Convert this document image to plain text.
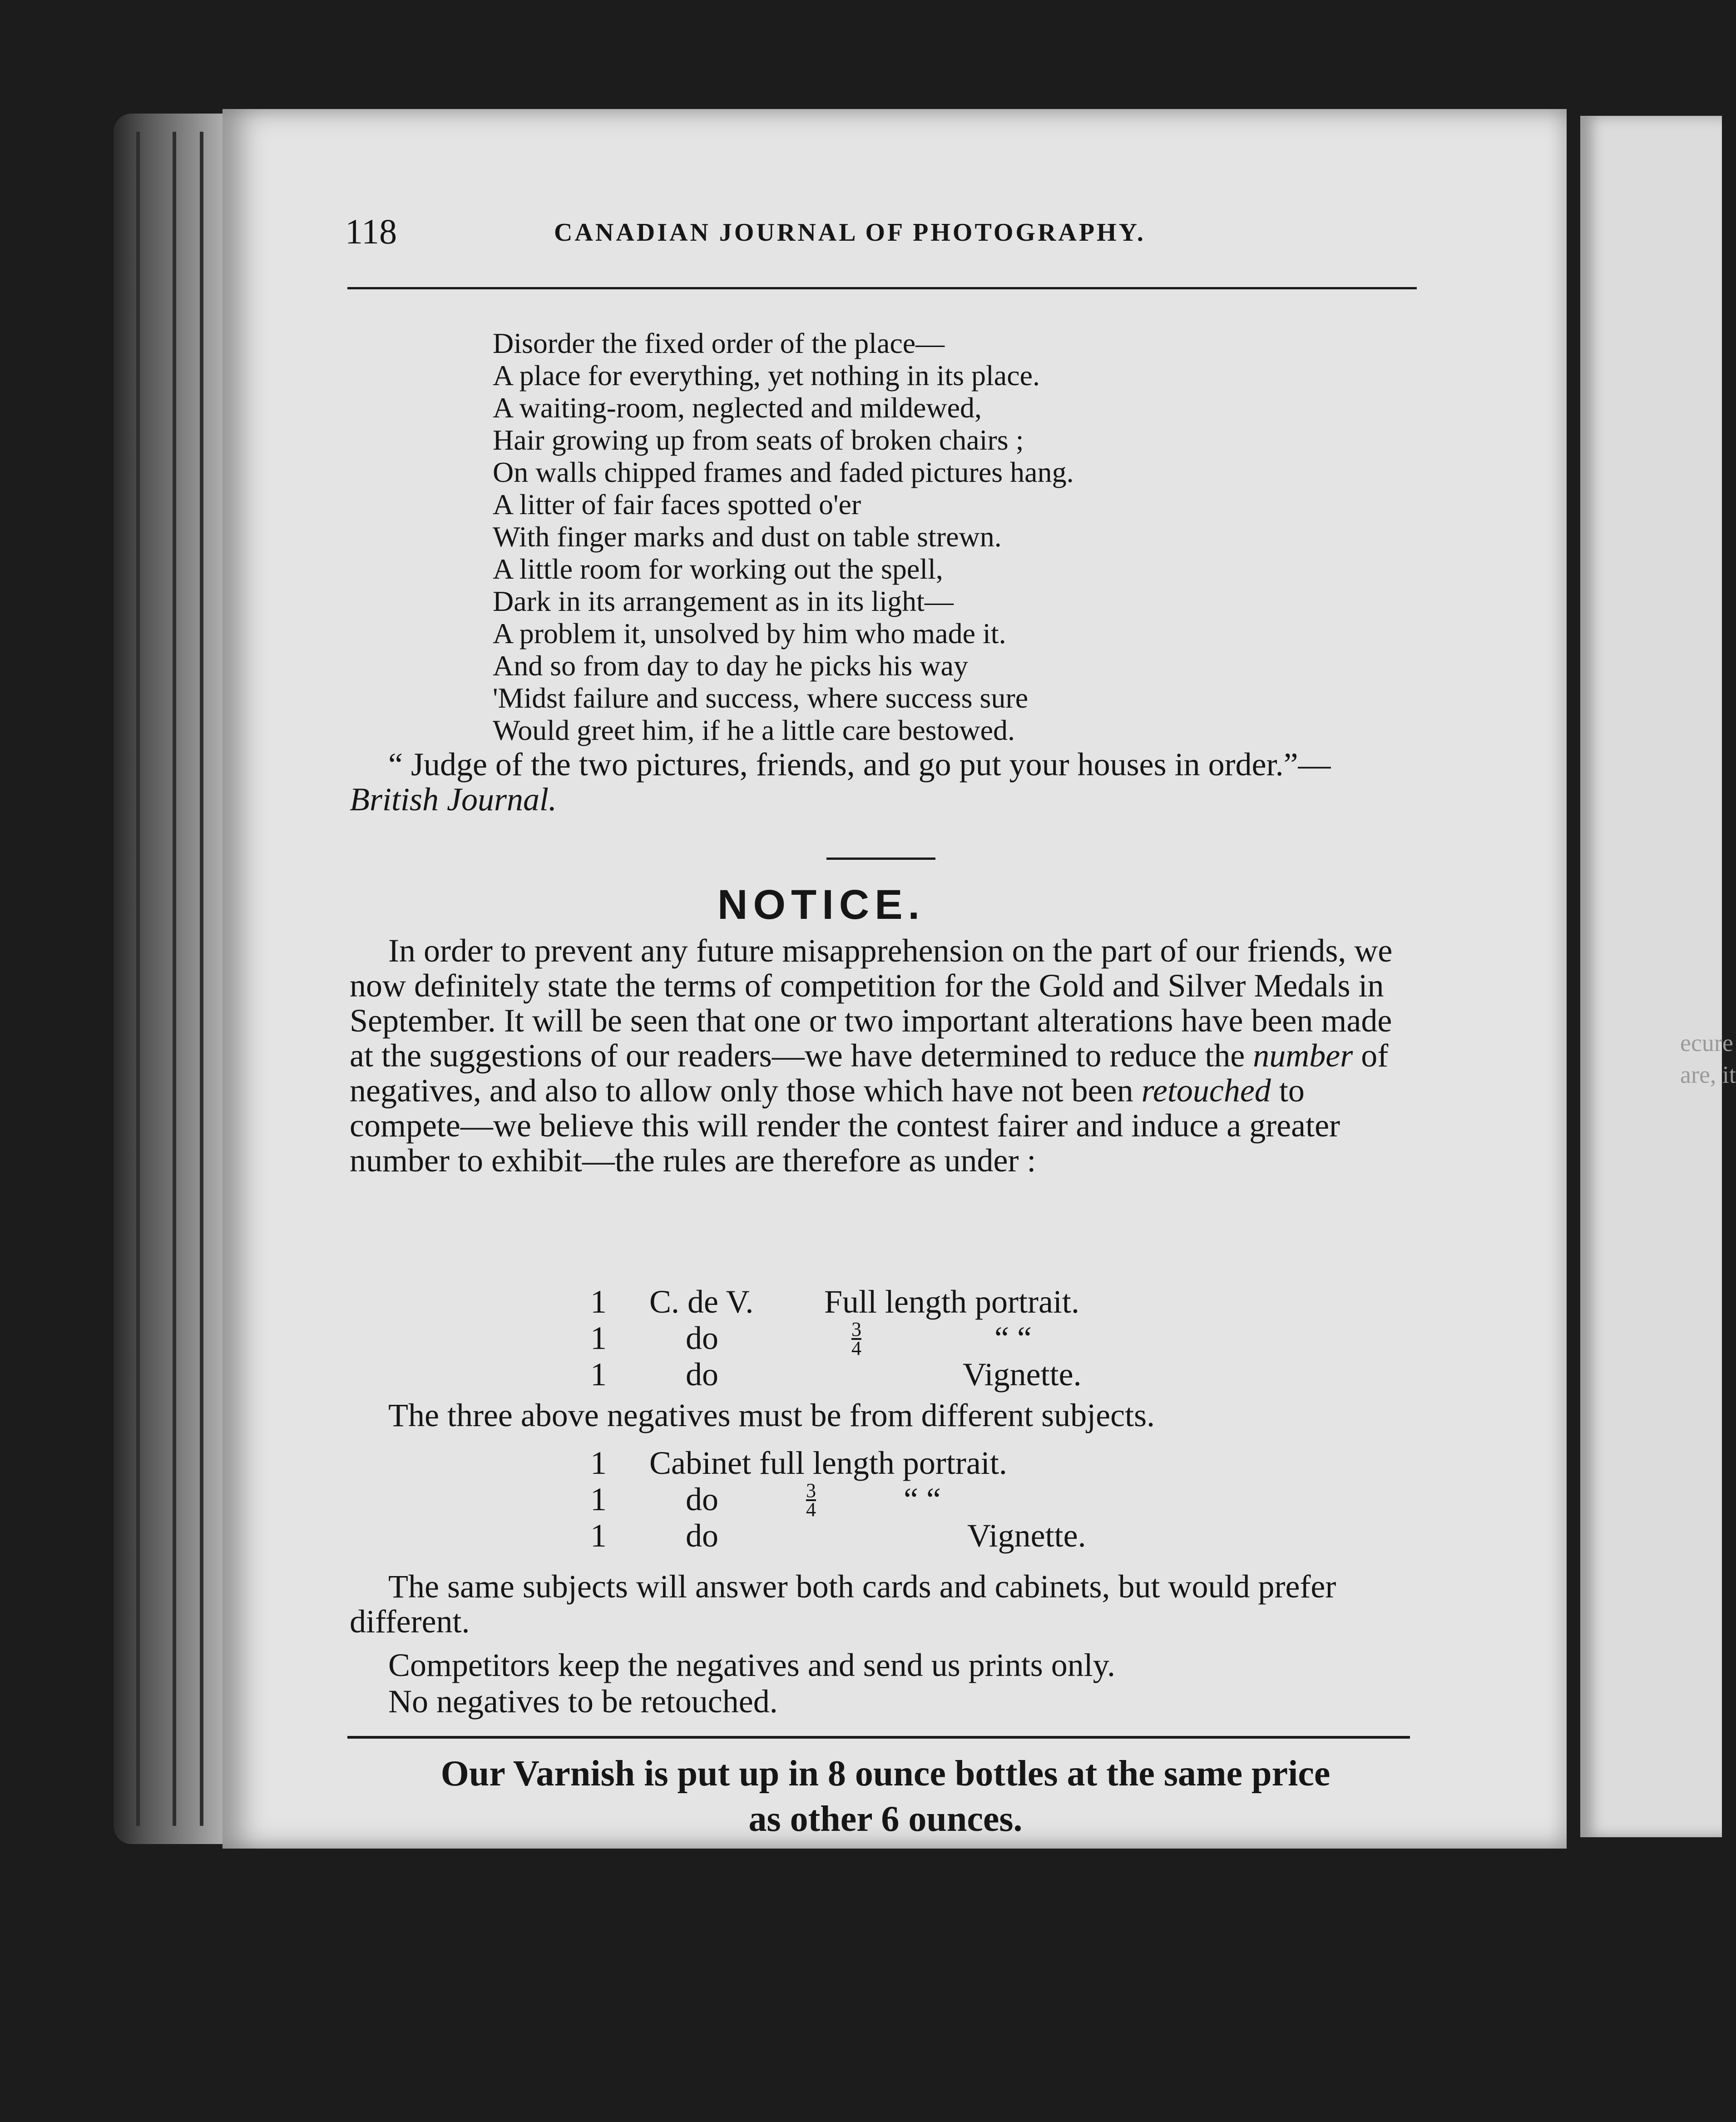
ecure
are, it
118	CANADIAN JOURNAL OF PHOTOGRAPHY.
Disorder the fixed order of the place—
A place for everything, yet nothing in its place.
A waiting-room, neglected and mildewed,
Hair growing up from seats of broken chairs ;
On walls chipped frames and faded pictures hang.
A litter of fair faces spotted o'er
With finger marks and dust on table strewn.
A little room for working out the spell,
Dark in its arrangement as in its light—
A problem it, unsolved by him who made it.
And so from day to day he picks his way
'Midst failure and success, where success sure
Would greet him, if he a little care bestowed.

“ Judge of the two pictures, friends, and go put your houses in order.”—British Journal.

NOTICE.

In order to prevent any future misapprehension on the part of our friends, we now definitely state the terms of competition for the Gold and Silver Medals in September. It will be seen that one or two important alterations have been made at the suggestions of our readers—we have determined to reduce the number of negatives, and also to allow only those which have not been retouched to compete—we believe this will render the contest fairer and induce a greater number to exhibit—the rules are therefore as under :

1 C. de V. Full length portrait.
1 do	$\frac{3}{4}$	“ “
1 do	Vignette.
The three above negatives must be from different subjects.
1 Cabinet full length portrait.
1 do	$\frac{3}{4}$	“ “
1 do	Vignette.

The same subjects will answer both cards and cabinets, but would prefer different.

Competitors keep the negatives and send us prints only.
No negatives to be retouched.

Our Varnish is put up in 8 ounce bottles at the same price
as other 6 ounces.
